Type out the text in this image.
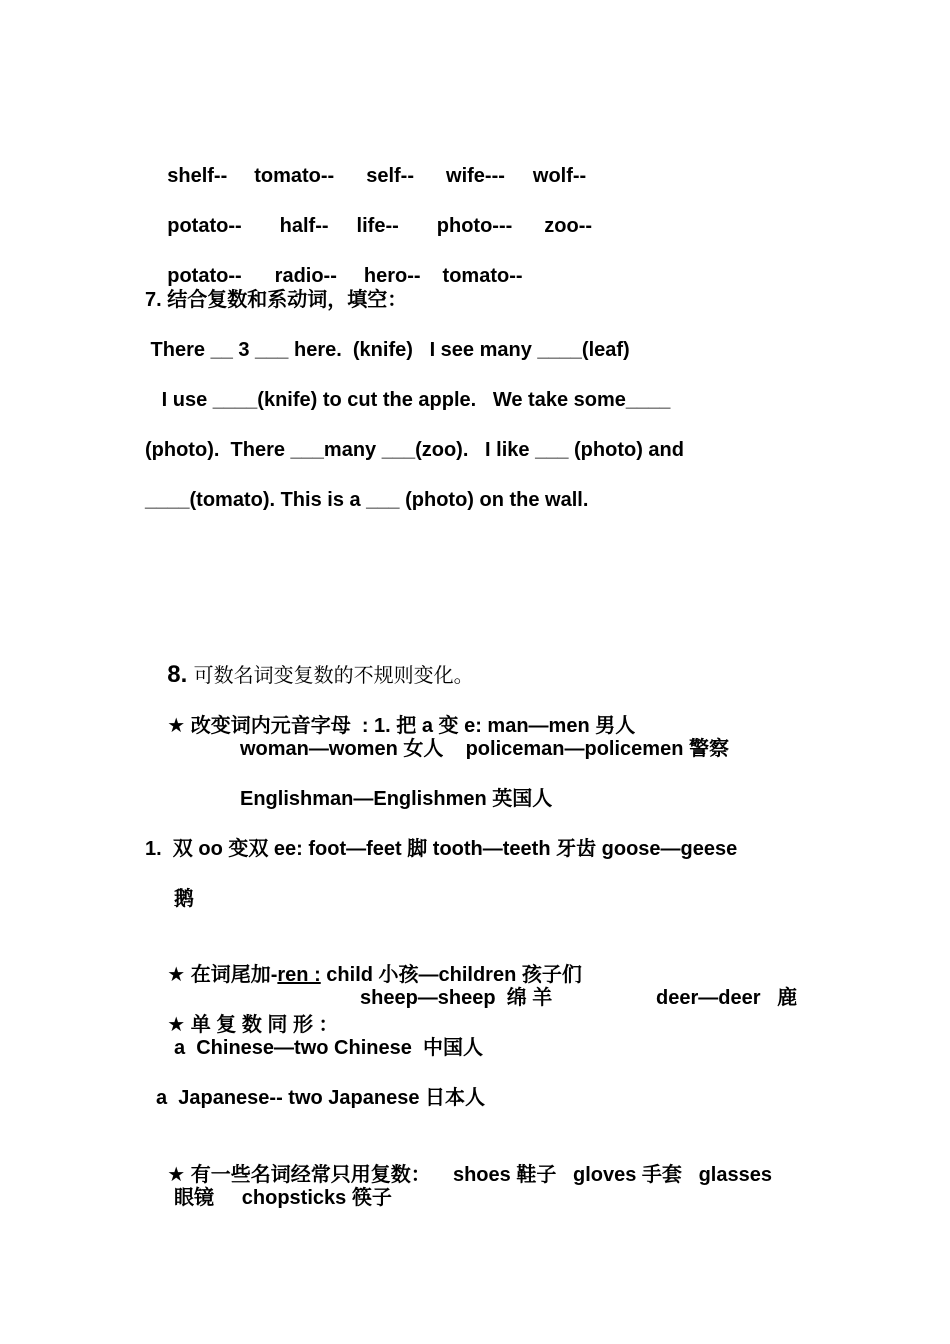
shelf-- tomato-- self-- wife--- wolf--

potato-- half-- life-- photo--- zoo--

potato-- radio-- hero-- tomato--

7. 结合复数和系动词，填空：
There __ 3 ___ here.  (knife)   I see many ____(leaf)
I use ____(knife) to cut the apple.   We take some____
(photo).  There ___many ___(zoo).   I like ___ (photo) and
____(tomato). This is a ___ (photo) on the wall.

8. 可数名词变复数的不规则变化。

★ 改变词内元音字母  : 1. 把 a 变 e: man—men 男人

woman—women 女人    policeman—policemen 警察
Englishman—Englishmen 英国人
1.  双 oo 变双 ee: foot—feet 脚 tooth—teeth 牙齿 goose—geese
鹅

★ 在词尾加-ren : child 小孩—children 孩子们

★ 单 复 数 同 形 ：

sheep—sheep  绵 羊	deer—deer   鹿
a  Chinese—two Chinese  中国人
a  Japanese-- two Japanese 日本人

★ 有一些名词经常只用复数：    shoes 鞋子   gloves 手套   glasses

眼镜     chopsticks 筷子
